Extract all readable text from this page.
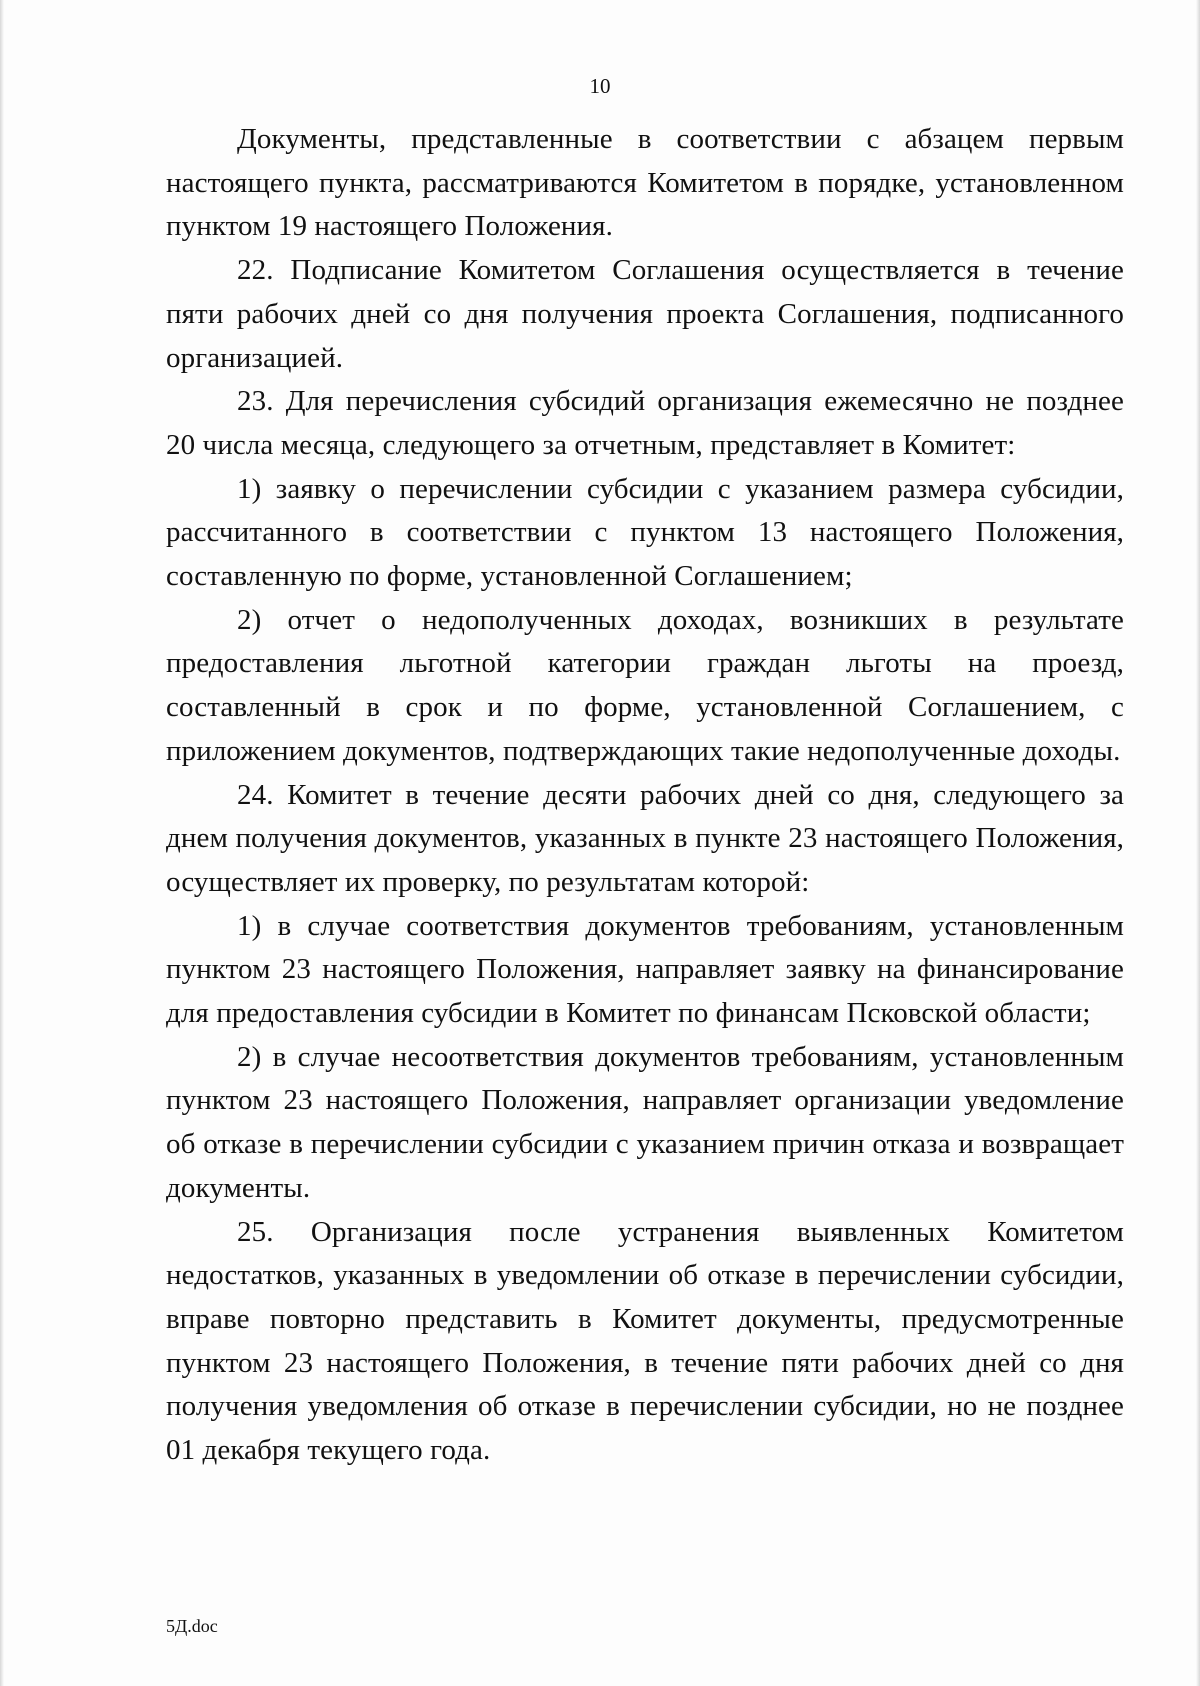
10

Документы, представленные в соответствии с абзацем первым настоящего пункта, рассматриваются Комитетом в порядке, установленном пунктом 19 настоящего Положения.

22. Подписание Комитетом Соглашения осуществляется в течение пяти рабочих дней со дня получения проекта Соглашения, подписанного организацией.

23. Для перечисления субсидий организация ежемесячно не позднее 20 числа месяца, следующего за отчетным, представляет в Комитет:

1) заявку о перечислении субсидии с указанием размера субсидии, рассчитанного в соответствии с пунктом 13 настоящего Положения, составленную по форме, установленной Соглашением;

2) отчет о недополученных доходах, возникших в результате предоставления льготной категории граждан льготы на проезд, составленный в срок и по форме, установленной Соглашением, с приложением документов, подтверждающих такие недополученные доходы.

24. Комитет в течение десяти рабочих дней со дня, следующего за днем получения документов, указанных в пункте 23 настоящего Положения, осуществляет их проверку, по результатам которой:

1) в случае соответствия документов требованиям, установленным пунктом 23 настоящего Положения, направляет заявку на финансирование для предоставления субсидии в Комитет по финансам Псковской области;

2) в случае несоответствия документов требованиям, установленным пунктом 23 настоящего Положения, направляет организации уведомление об отказе в перечислении субсидии с указанием причин отказа и возвращает документы.

25. Организация после устранения выявленных Комитетом недостатков, указанных в уведомлении об отказе в перечислении субсидии, вправе повторно представить в Комитет документы, предусмотренные пунктом 23 настоящего Положения, в течение пяти рабочих дней со дня получения уведомления об отказе в перечислении субсидии, но не позднее 01 декабря текущего года.

5Д.doc
